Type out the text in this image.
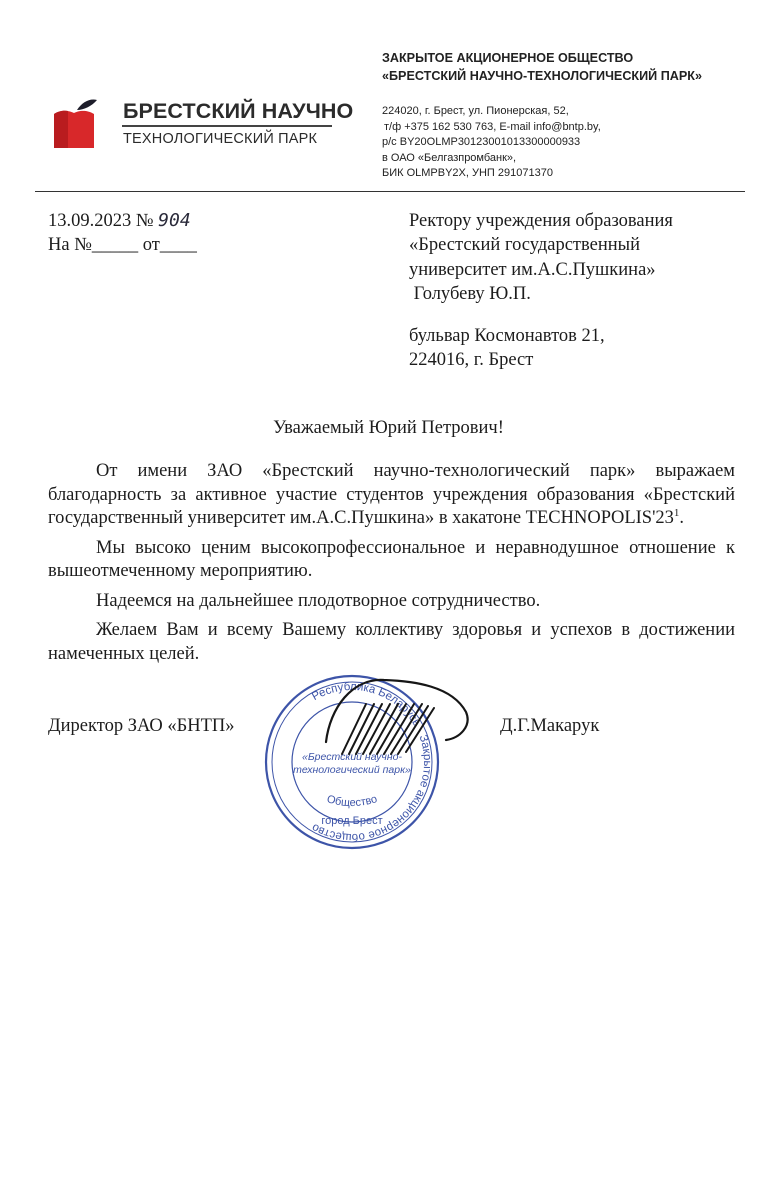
БРЕСТСКИЙ НАУЧНО
ТЕХНОЛОГИЧЕСКИЙ ПАРК
ЗАКРЫТОЕ АКЦИОНЕРНОЕ ОБЩЕСТВО
«БРЕСТСКИЙ НАУЧНО-ТЕХНОЛОГИЧЕСКИЙ ПАРК»
224020, г. Брест, ул. Пионерская, 52,
т/ф +375 162 530 763, E-mail info@bntp.by,
р/с BY20OLMP30123001013300000933
в ОАО «Белгазпромбанк»,
БИК OLMPBY2X, УНП 291071370
13.09.2023 № 904
На №_____ от____
Ректору учреждения образования
«Брестский государственный
университет им.А.С.Пушкина»
Голубеву Ю.П.
бульвар Космонавтов 21,
224016, г. Брест
Уважаемый Юрий Петрович!

От имени ЗАО «Брестский научно-технологический парк» выражаем благодарность за активное участие студентов учреждения образования «Брестский государственный университет им.А.С.Пушкина» в хакатоне $TECHNOPOLIS'23^1$.

Мы высоко ценим высокопрофессиональное и неравнодушное отношение к вышеотмеченному мероприятию.

Надеемся на дальнейшее плодотворное сотрудничество.

Желаем Вам и всему Вашему коллективу здоровья и успехов в достижении намеченных целей.

Директор ЗАО «БНТП»	Д.Г.Макарук
Республика Беларусь · Закрытое акционерное общество
«Брестский научно-
технологический парк»
Общество
город Брест
